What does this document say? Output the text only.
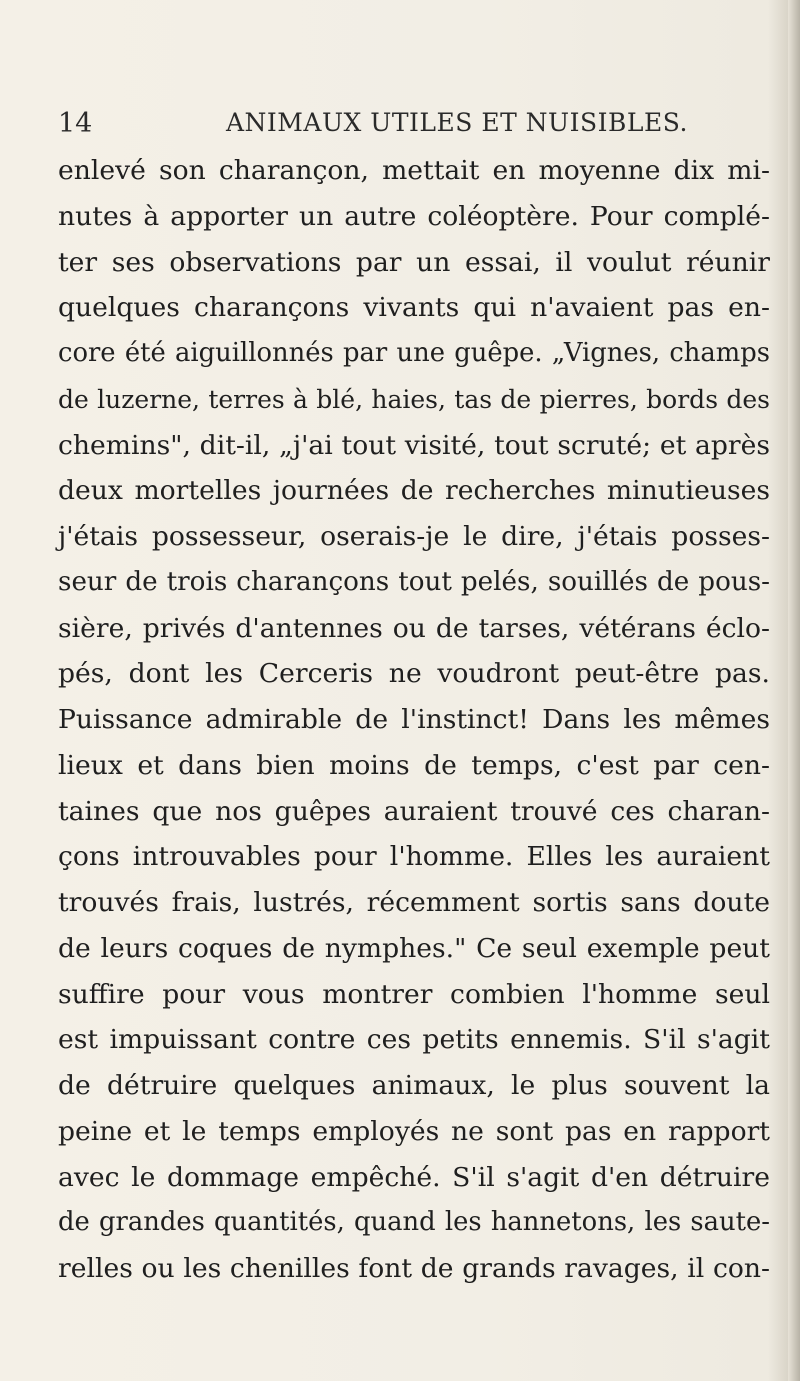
14	ANIMAUX UTILES ET NUISIBLES.
enlevé son charançon, mettait en moyenne dix mi-
nutes à apporter un autre coléoptère. Pour complé-
ter ses observations par un essai, il voulut réunir
quelques charançons vivants qui n'avaient pas en-
core été aiguillonnés par une guêpe. „Vignes, champs
de luzerne, terres à blé, haies, tas de pierres, bords des
chemins", dit-il, „j'ai tout visité, tout scruté; et après
deux mortelles journées de recherches minutieuses
j'étais possesseur, oserais-je le dire, j'étais posses-
seur de trois charançons tout pelés, souillés de pous-
sière, privés d'antennes ou de tarses, vétérans éclo-
pés, dont les Cerceris ne voudront peut-être pas.
Puissance admirable de l'instinct! Dans les mêmes
lieux et dans bien moins de temps, c'est par cen-
taines que nos guêpes auraient trouvé ces charan-
çons introuvables pour l'homme. Elles les auraient
trouvés frais, lustrés, récemment sortis sans doute
de leurs coques de nymphes." Ce seul exemple peut
suffire pour vous montrer combien l'homme seul
est impuissant contre ces petits ennemis. S'il s'agit
de détruire quelques animaux, le plus souvent la
peine et le temps employés ne sont pas en rapport
avec le dommage empêché. S'il s'agit d'en détruire
de grandes quantités, quand les hannetons, les saute-
relles ou les chenilles font de grands ravages, il con-
